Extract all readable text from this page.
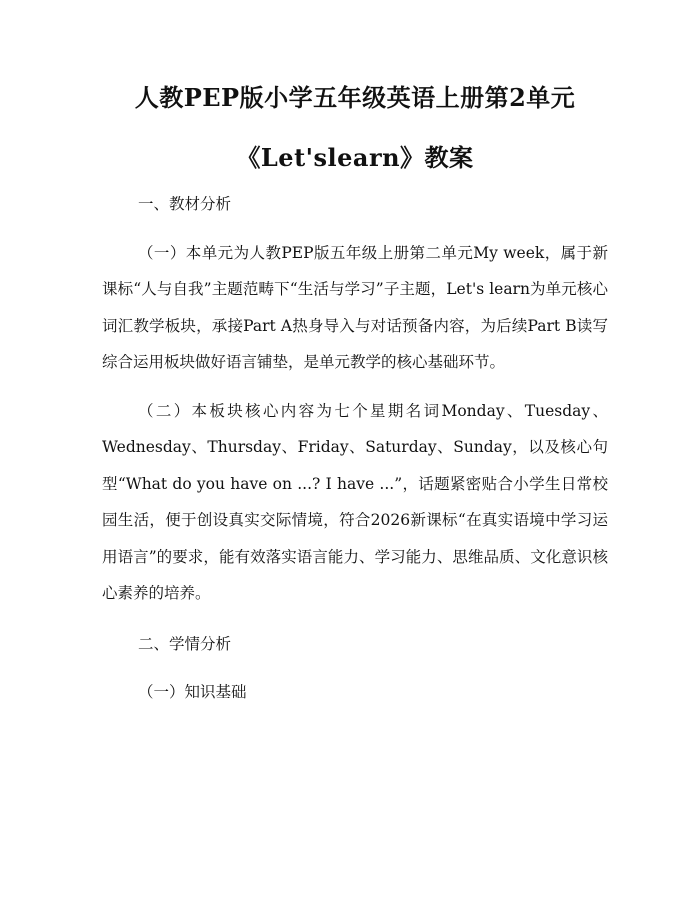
人教PEP版小学五年级英语上册第2单元
《Let'slearn》教案

一、教材分析

（一）本单元为人教PEP版五年级上册第二单元My week，属于新课标“人与自我”主题范畴下“生活与学习”子主题，Let's learn为单元核心词汇教学板块，承接Part A热身导入与对话预备内容，为后续Part B读写综合运用板块做好语言铺垫，是单元教学的核心基础环节。

（二）本板块核心内容为七个星期名词Monday、Tuesday、Wednesday、Thursday、Friday、Saturday、Sunday，以及核心句型“What do you have on ...? I have ...”，话题紧密贴合小学生日常校园生活，便于创设真实交际情境，符合2026新课标“在真实语境中学习运用语言”的要求，能有效落实语言能力、学习能力、思维品质、文化意识核心素养的培养。

二、学情分析

（一）知识基础
